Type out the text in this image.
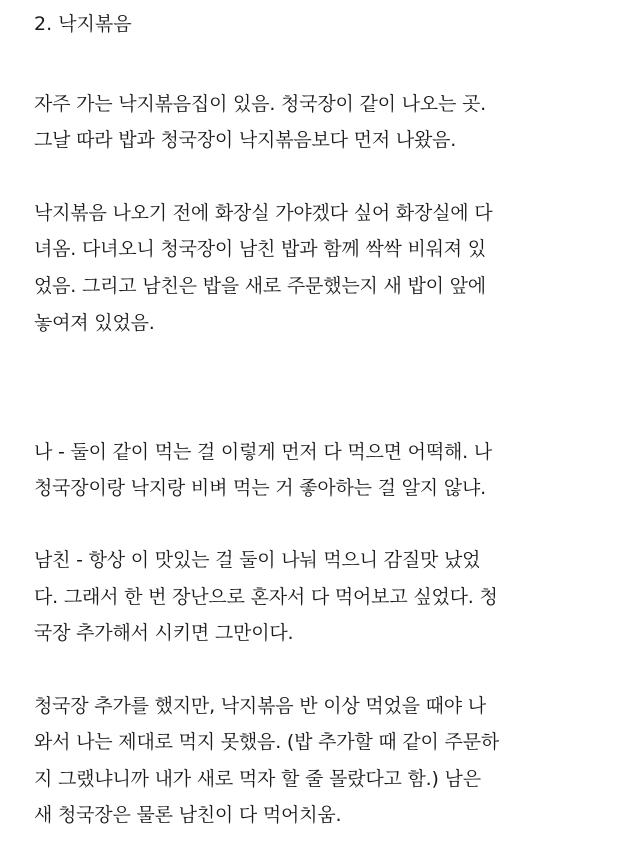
2. 낙지볶음
자주 가는 낙지볶음집이 있음. 청국장이 같이 나오는 곳.
그날 따라 밥과 청국장이 낙지볶음보다 먼저 나왔음.
낙지볶음 나오기 전에 화장실 가야겠다 싶어 화장실에 다
녀옴. 다녀오니 청국장이 남친 밥과 함께 싹싹 비워져 있
었음. 그리고 남친은 밥을 새로 주문했는지 새 밥이 앞에
놓여져 있었음.
나 - 둘이 같이 먹는 걸 이렇게 먼저 다 먹으면 어떡해. 나
청국장이랑 낙지랑 비벼 먹는 거 좋아하는 걸 알지 않냐.
남친 - 항상 이 맛있는 걸 둘이 나눠 먹으니 감질맛 났었
다. 그래서 한 번 장난으로 혼자서 다 먹어보고 싶었다. 청
국장 추가해서 시키면 그만이다.
청국장 추가를 했지만, 낙지볶음 반 이상 먹었을 때야 나
와서 나는 제대로 먹지 못했음. (밥 추가할 때 같이 주문하
지 그랬냐니까 내가 새로 먹자 할 줄 몰랐다고 함.) 남은
새 청국장은 물론 남친이 다 먹어치움.
